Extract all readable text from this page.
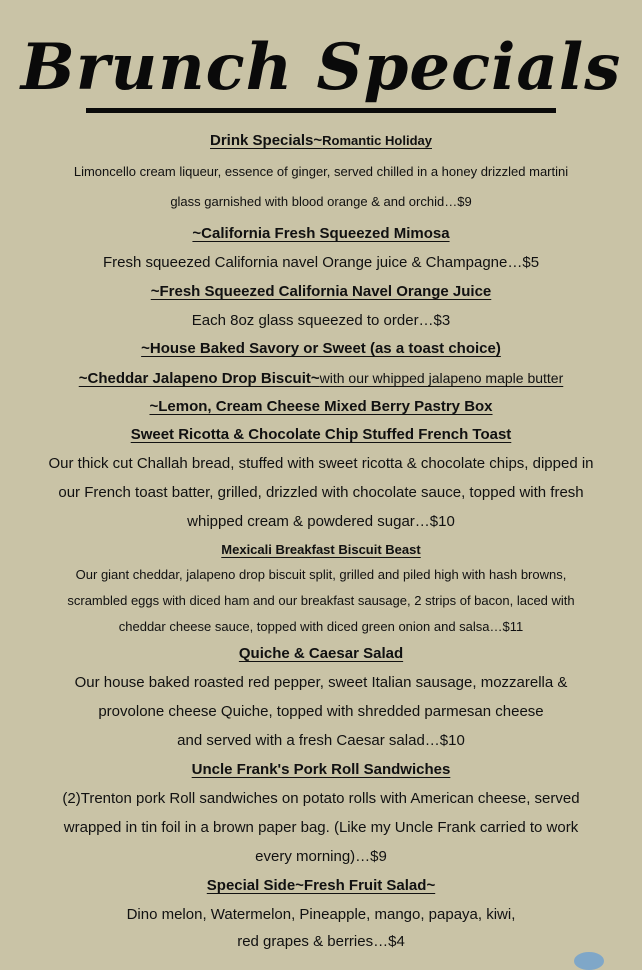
Brunch Specials
Drink Specials~Romantic Holiday
Limoncello cream liqueur, essence of ginger, served chilled in a honey drizzled martini
glass garnished with blood orange & and orchid…$9
~California Fresh Squeezed Mimosa
Fresh squeezed California navel Orange juice & Champagne…$5
~Fresh Squeezed California Navel Orange Juice
Each 8oz glass squeezed to order…$3
~House Baked Savory or Sweet (as a toast choice)
~Cheddar Jalapeno Drop Biscuit~with our whipped jalapeno maple butter
~Lemon, Cream Cheese Mixed Berry Pastry Box
Sweet Ricotta & Chocolate Chip Stuffed French Toast
Our thick cut Challah bread, stuffed with sweet ricotta & chocolate chips, dipped in
our French toast batter, grilled, drizzled with chocolate sauce, topped with fresh
whipped cream & powdered sugar…$10
Mexicali Breakfast Biscuit Beast
Our giant cheddar, jalapeno drop biscuit split, grilled and piled high with hash browns,
scrambled eggs with diced ham and our breakfast sausage, 2 strips of bacon, laced with
cheddar cheese sauce, topped with diced green onion and salsa…$11
Quiche & Caesar Salad
Our house baked roasted red pepper, sweet Italian sausage, mozzarella &
provolone cheese Quiche, topped with shredded parmesan cheese
and served with a fresh Caesar salad…$10
Uncle Frank's Pork Roll Sandwiches
(2)Trenton pork Roll sandwiches on potato rolls with American cheese, served
wrapped in tin foil in a brown paper bag. (Like my Uncle Frank carried to work
every morning)…$9
Special Side~Fresh Fruit Salad~
Dino melon, Watermelon, Pineapple, mango, papaya, kiwi,
red grapes & berries…$4
